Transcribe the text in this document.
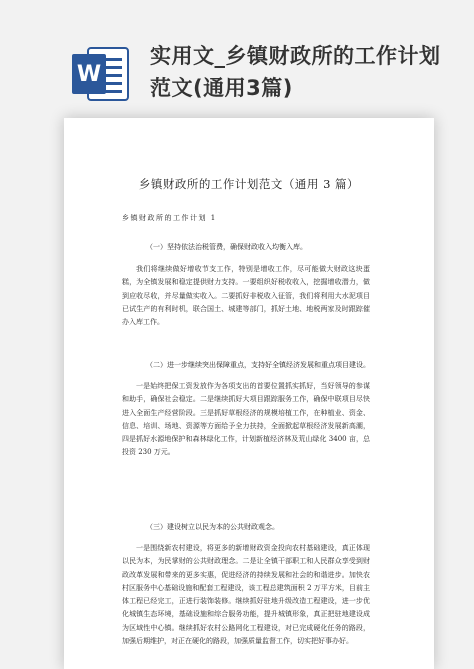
W
实用文_乡镇财政所的工作计划范文(通用3篇)
乡镇财政所的工作计划范文（通用 3 篇）
乡镇财政所的工作计划 1
（一）坚持依法治税管费，确保财政收入均衡入库。
我们将继续做好增收节支工作，特别是增收工作，尽可能做大财政这块蛋糕，为全镇发展和稳定提供财力支持。一要组织好税收收入，挖掘增收潜力，做到应收尽收，并尽量做实收入。二要抓好非税收入征管，我们将利用大水泥项目已试生产的有利时机，联合国土、城建等部门，抓好土地、地税两家及时跟踪催办入库工作。
（二）进一步继续突出保障重点，支持好全镇经济发展和重点项目建设。
一是始终把保工资发放作为各项支出的首要位置抓实抓好，当好领导的参谋和助手，确保社会稳定。二是继续抓好大项目跟踪服务工作，确保中联项目尽快进入全面生产经营阶段。三是抓好草根经济的规模培植工作，在种植业、资金、信息、培训、场地、资源等方面给予全力扶持，全面掀起草根经济发展新高潮，四是抓好水源地保护和森林绿化工作，计划新植经济林及荒山绿化 3400 亩，总投资 230 万元。
（三）建设树立以民为本的公共财政观念。
一是围绕新农村建设，将更多的新增财政资金投向农村基础建设，真正体现以民为本，为民掌财的公共财政理念。二是让全镇干部职工和人民群众享受到财政改革发展和带来的更多实惠，促进经济的持续发展和社会的和谐进步。加快农村区服务中心基础设施和配套工程建设，该工程总建筑面积 2 万平方米，目前主体工程已经完工，正进行装饰装修。继续抓好驻地升级改造工程建设，进一步优化城镇生态环境，基础设施和综合服务功能，提升城镇形象，真正把驻地建设成为区域性中心镇。继续抓好农村公路网化工程建设，对已完成硬化任务的路段，加强后期维护，对正在硬化的路段，加强质量监督工作，切实把好事办好。
